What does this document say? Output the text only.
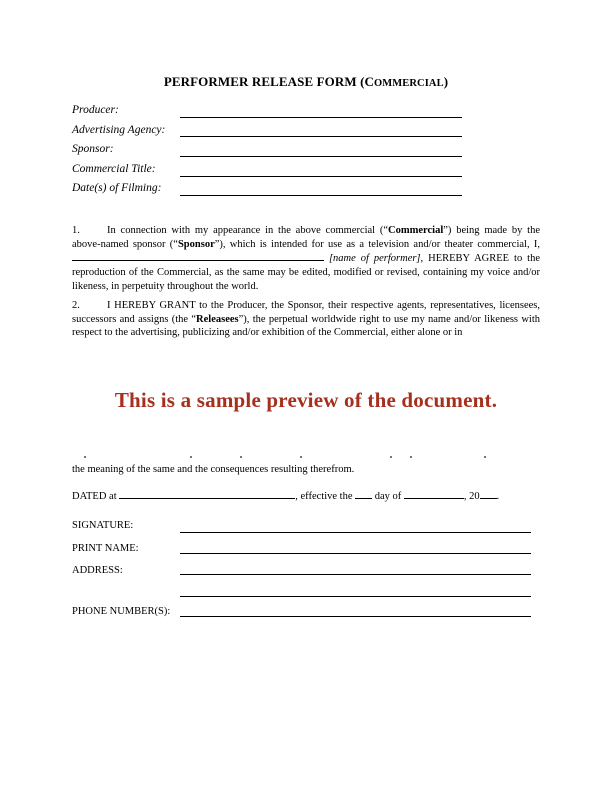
PERFORMER RELEASE FORM (COMMERCIAL)
Producer:
Advertising Agency:
Sponsor:
Commercial Title:
Date(s) of Filming:
1.	In connection with my appearance in the above commercial (“Commercial”) being made by the above-named sponsor (“Sponsor”), which is intended for use as a television and/or theater commercial, I,  [name of performer], HEREBY AGREE to the reproduction of the Commercial, as the same may be edited, modified or revised, containing my voice and/or likeness, in perpetuity throughout the world.
2.	I HEREBY GRANT to the Producer, the Sponsor, their respective agents, representatives, licensees, successors and assigns (the “Releasees”), the perpetual worldwide right to use my name and/or likeness with respect to the advertising, publicizing and/or exhibition of the Commercial, either alone or in
This is a sample preview of the document.
the meaning of the same and the consequences resulting therefrom.
DATED at	, effective the  day of	, 20 .
SIGNATURE:
PRINT NAME:
ADDRESS:
PHONE NUMBER(S):
